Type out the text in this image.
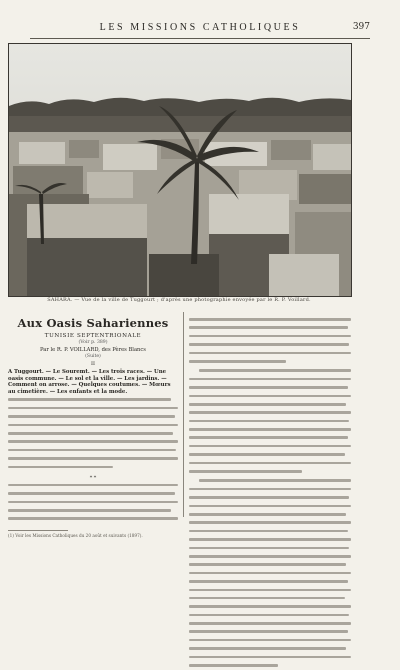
LES MISSIONS CATHOLIQUES	397
SAHARA. — Vue de la ville de Tuggourt ; d'après une photographie envoyée par le R. P. Voillard.
Aux Oasis Sahariennes
TUNISIE SEPTENTRIONALE
(Voir p. 389)
Par le R. P. VOILLARD, des Pères Blancs
(Suite)
II
A Tuggourt. — Le Souremt. — Les trois races. — Une oasis commune. — Le sol et la ville. — Les jardins. — Comment on arrose. — Quelques coutumes. — Mœurs au cimetière. — Les enfants et la mode.
* *
(1) Voir les Missions Catholiques du 20 août et suivants (1897).
